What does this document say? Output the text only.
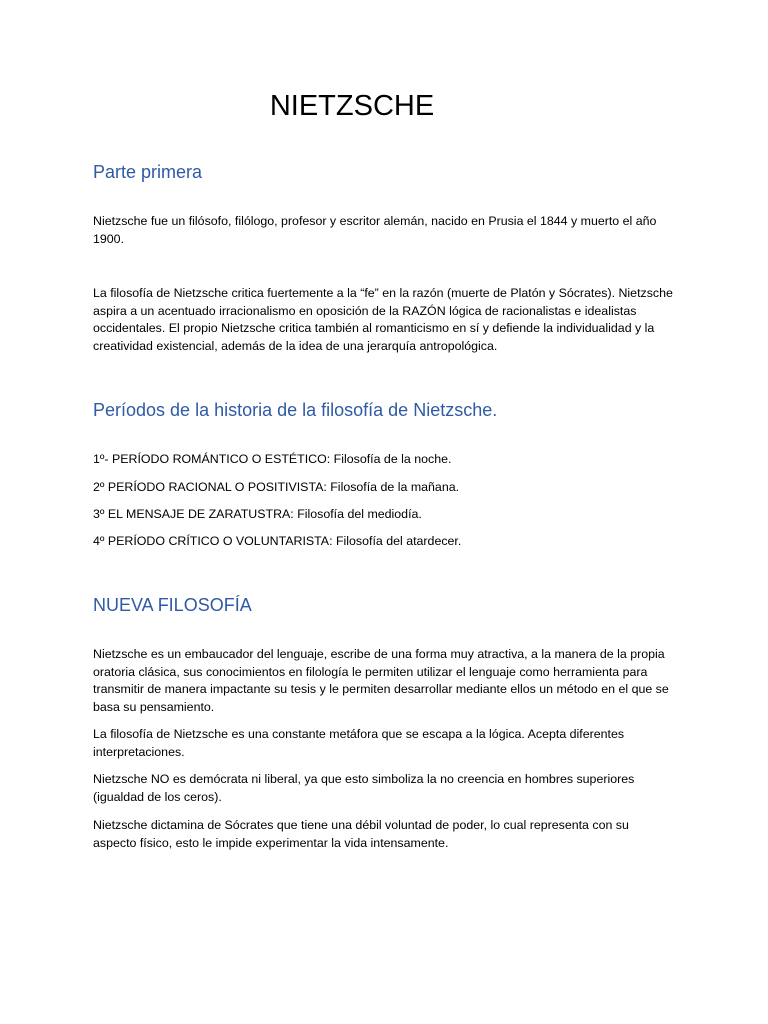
NIETZSCHE
Parte primera

Nietzsche fue un filósofo, filólogo, profesor y escritor alemán, nacido en Prusia el 1844 y muerto el año 1900.

La filosofía de Nietzsche critica fuertemente a la “fe” en la razón (muerte de Platón y Sócrates). Nietzsche aspira a un acentuado irracionalismo en oposición de la RAZÓN lógica de racionalistas e idealistas occidentales. El propio Nietzsche critica también al romanticismo en sí y defiende la individualidad y la creatividad existencial, además de la idea de una jerarquía antropológica.

Períodos de la historia de la filosofía de Nietzsche.

1º- PERÍODO ROMÁNTICO O ESTÉTICO: Filosofía de la noche.

2º PERÍODO RACIONAL O POSITIVISTA: Filosofía de la mañana.

3º EL MENSAJE DE ZARATUSTRA: Filosofía del mediodía.

4º PERÍODO CRÍTICO O VOLUNTARISTA: Filosofía del atardecer.

NUEVA FILOSOFÍA

Nietzsche es un embaucador del lenguaje, escribe de una forma muy atractiva, a la manera de la propia oratoria clásica, sus conocimientos en filología le permiten utilizar el lenguaje como herramienta para transmitir de manera impactante su tesis y le permiten desarrollar mediante ellos un método en el que se basa su pensamiento.

La filosofía de Nietzsche es una constante metáfora que se escapa a la lógica. Acepta diferentes interpretaciones.

Nietzsche NO es demócrata ni liberal, ya que esto simboliza la no creencia en hombres superiores (igualdad de los ceros).

Nietzsche dictamina de Sócrates que tiene una débil voluntad de poder, lo cual representa con su aspecto físico, esto le impide experimentar la vida intensamente.
